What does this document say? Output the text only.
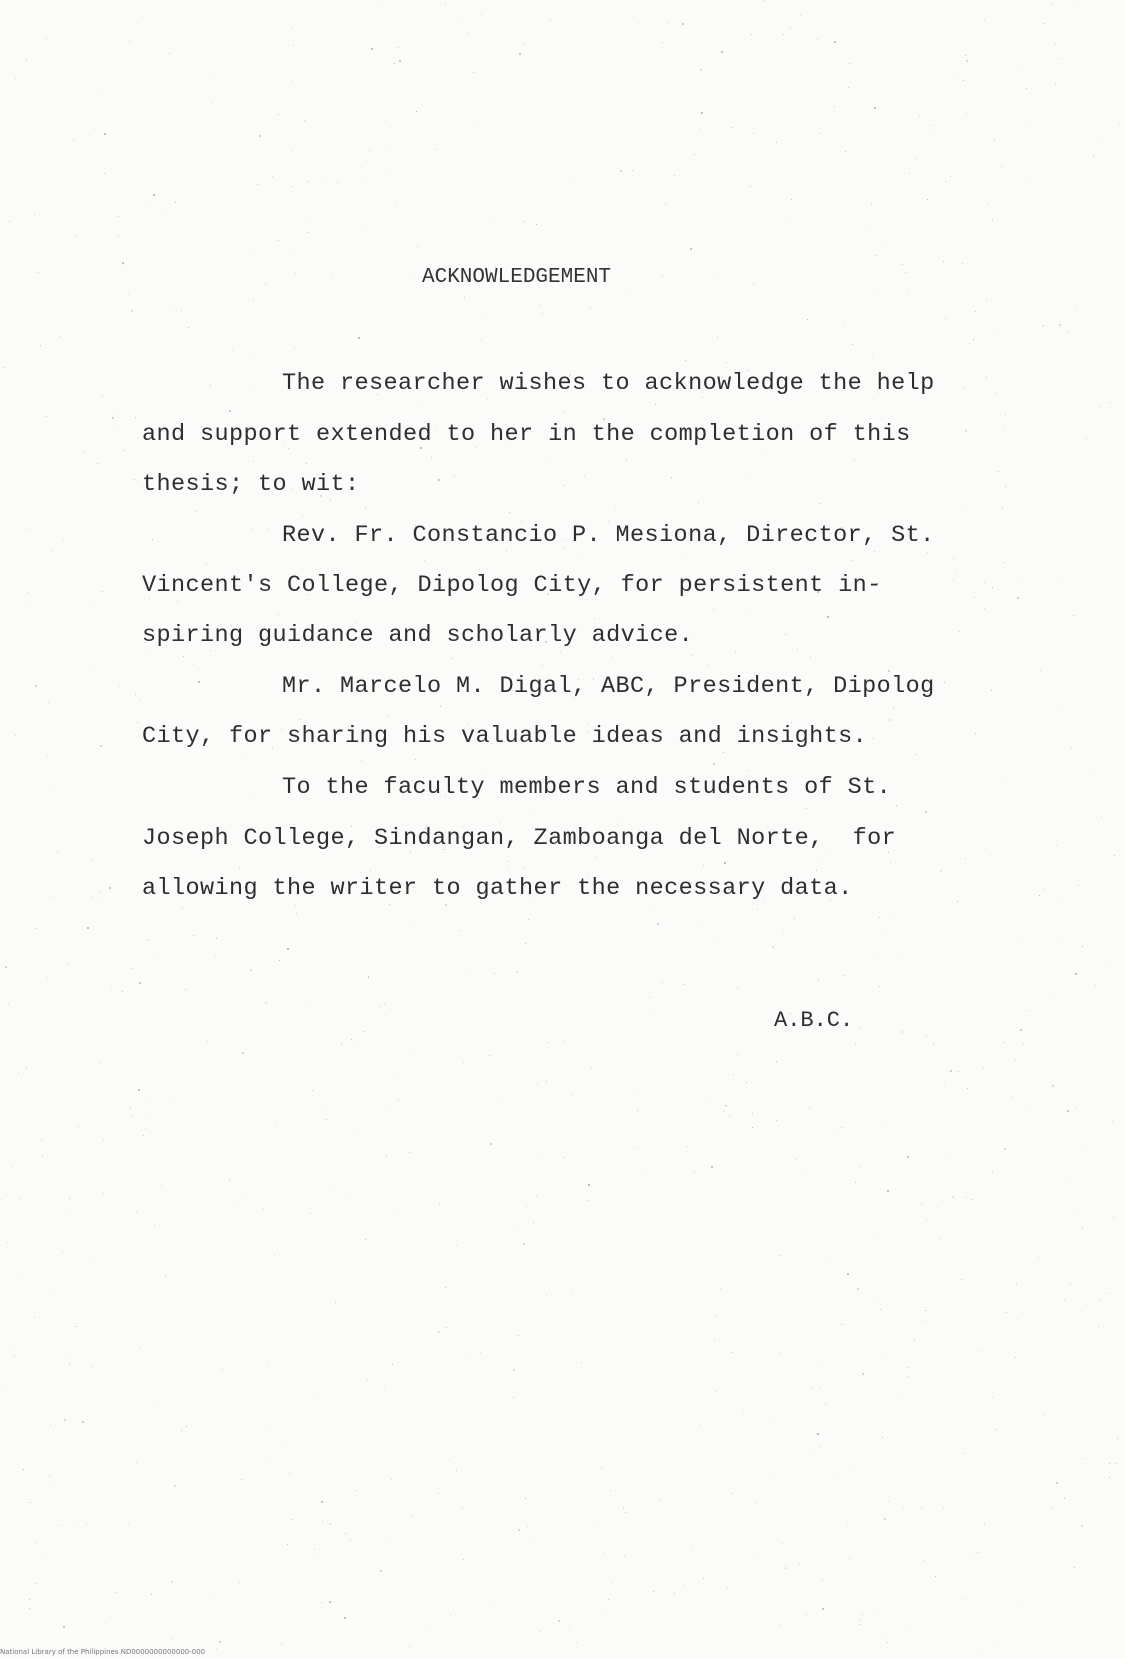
ACKNOWLEDGEMENT
The researcher wishes to acknowledge the help
and support extended to her in the completion of this
thesis; to wit:
Rev. Fr. Constancio P. Mesiona, Director, St.
Vincent's College, Dipolog City, for persistent in-
spiring guidance and scholarly advice.
Mr. Marcelo M. Digal, ABC, President, Dipolog
City, for sharing his valuable ideas and insights.
To the faculty members and students of St.
Joseph College, Sindangan, Zamboanga del Norte,  for
allowing the writer to gather the necessary data.
A.B.C.
National Library of the Philippines ND0000000000000-000
